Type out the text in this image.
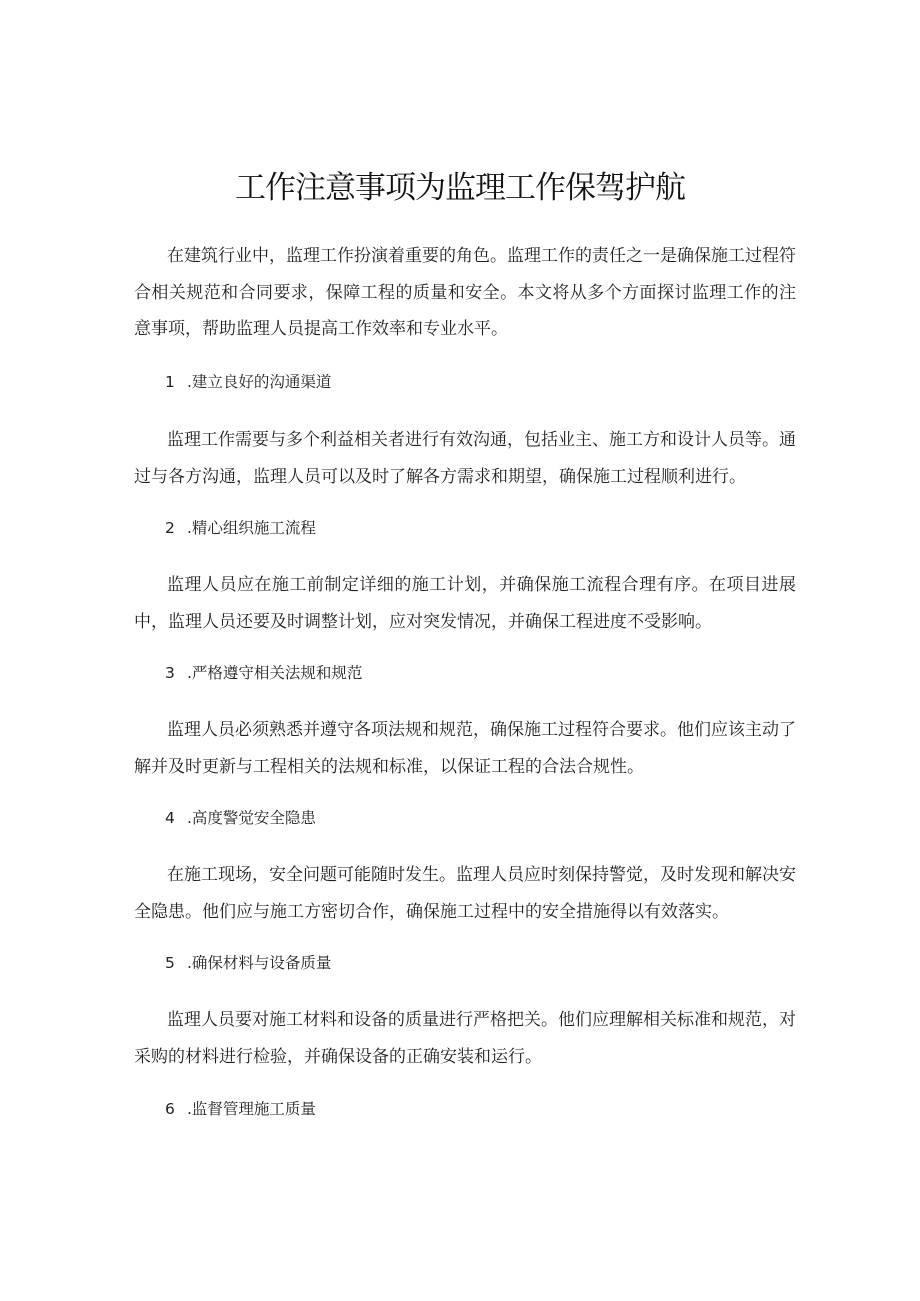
工作注意事项为监理工作保驾护航

在建筑行业中，监理工作扮演着重要的角色。监理工作的责任之一是确保施工过程符合相关规范和合同要求，保障工程的质量和安全。本文将从多个方面探讨监理工作的注意事项，帮助监理人员提高工作效率和专业水平。

1 .建立良好的沟通渠道

监理工作需要与多个利益相关者进行有效沟通，包括业主、施工方和设计人员等。通过与各方沟通，监理人员可以及时了解各方需求和期望，确保施工过程顺利进行。

2 .精心组织施工流程

监理人员应在施工前制定详细的施工计划，并确保施工流程合理有序。在项目进展中，监理人员还要及时调整计划，应对突发情况，并确保工程进度不受影响。

3 .严格遵守相关法规和规范

监理人员必须熟悉并遵守各项法规和规范，确保施工过程符合要求。他们应该主动了解并及时更新与工程相关的法规和标准，以保证工程的合法合规性。

4 .高度警觉安全隐患

在施工现场，安全问题可能随时发生。监理人员应时刻保持警觉，及时发现和解决安全隐患。他们应与施工方密切合作，确保施工过程中的安全措施得以有效落实。

5 .确保材料与设备质量

监理人员要对施工材料和设备的质量进行严格把关。他们应理解相关标准和规范，对采购的材料进行检验，并确保设备的正确安装和运行。

6 .监督管理施工质量
